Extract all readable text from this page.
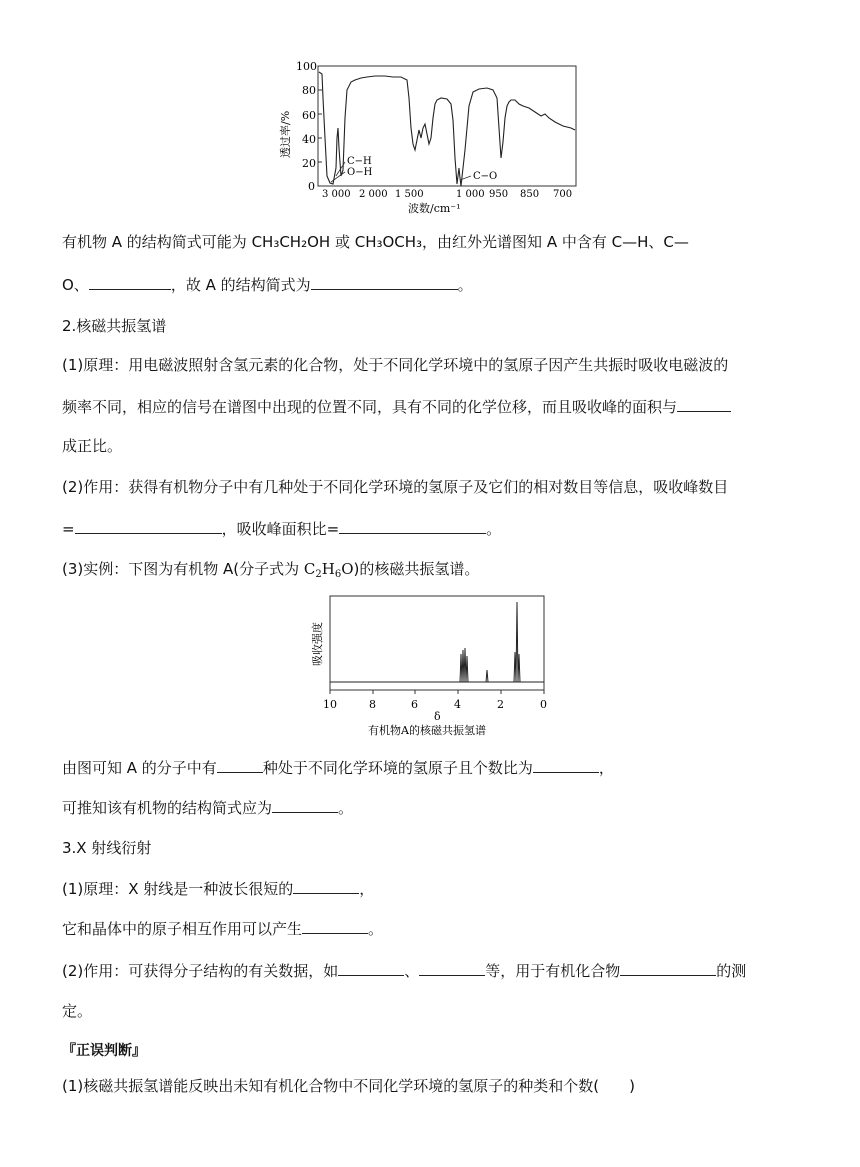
透过率/%
100
80
60
40
20
0
C−H
O−H	C−O
3 000 2 000 1 500	1 000 950 850 700
波数/cm⁻¹
有机物 A 的结构简式可能为 CH₃CH₂OH 或 CH₃OCH₃，由红外光谱图知 A 中含有 C—H、C—
O、	，故 A 的结构简式为	。
2.核磁共振氢谱
(1)原理：用电磁波照射含氢元素的化合物，处于不同化学环境中的氢原子因产生共振时吸收电磁波的
频率不同，相应的信号在谱图中出现的位置不同，具有不同的化学位移，而且吸收峰的面积与
成正比。
(2)作用：获得有机物分子中有几种处于不同化学环境的氢原子及它们的相对数目等信息，吸收峰数目
=	，吸收峰面积比=	。
(3)实例：下图为有机物 A(分子式为 $C_2H_6O$)的核磁共振氢谱。
吸收强度
10	8	6	4	2	0
δ
有机物A的核磁共振氢谱
由图可知 A 的分子中有	种处于不同化学环境的氢原子且个数比为	，
可推知该有机物的结构简式应为	。
3.X 射线衍射
(1)原理：X 射线是一种波长很短的	，
它和晶体中的原子相互作用可以产生	。
(2)作用：可获得分子结构的有关数据，如	、	等，用于有机化合物	的测
定。
『正误判断』
(1)核磁共振氢谱能反映出未知有机化合物中不同化学环境的氢原子的种类和个数(　　)
